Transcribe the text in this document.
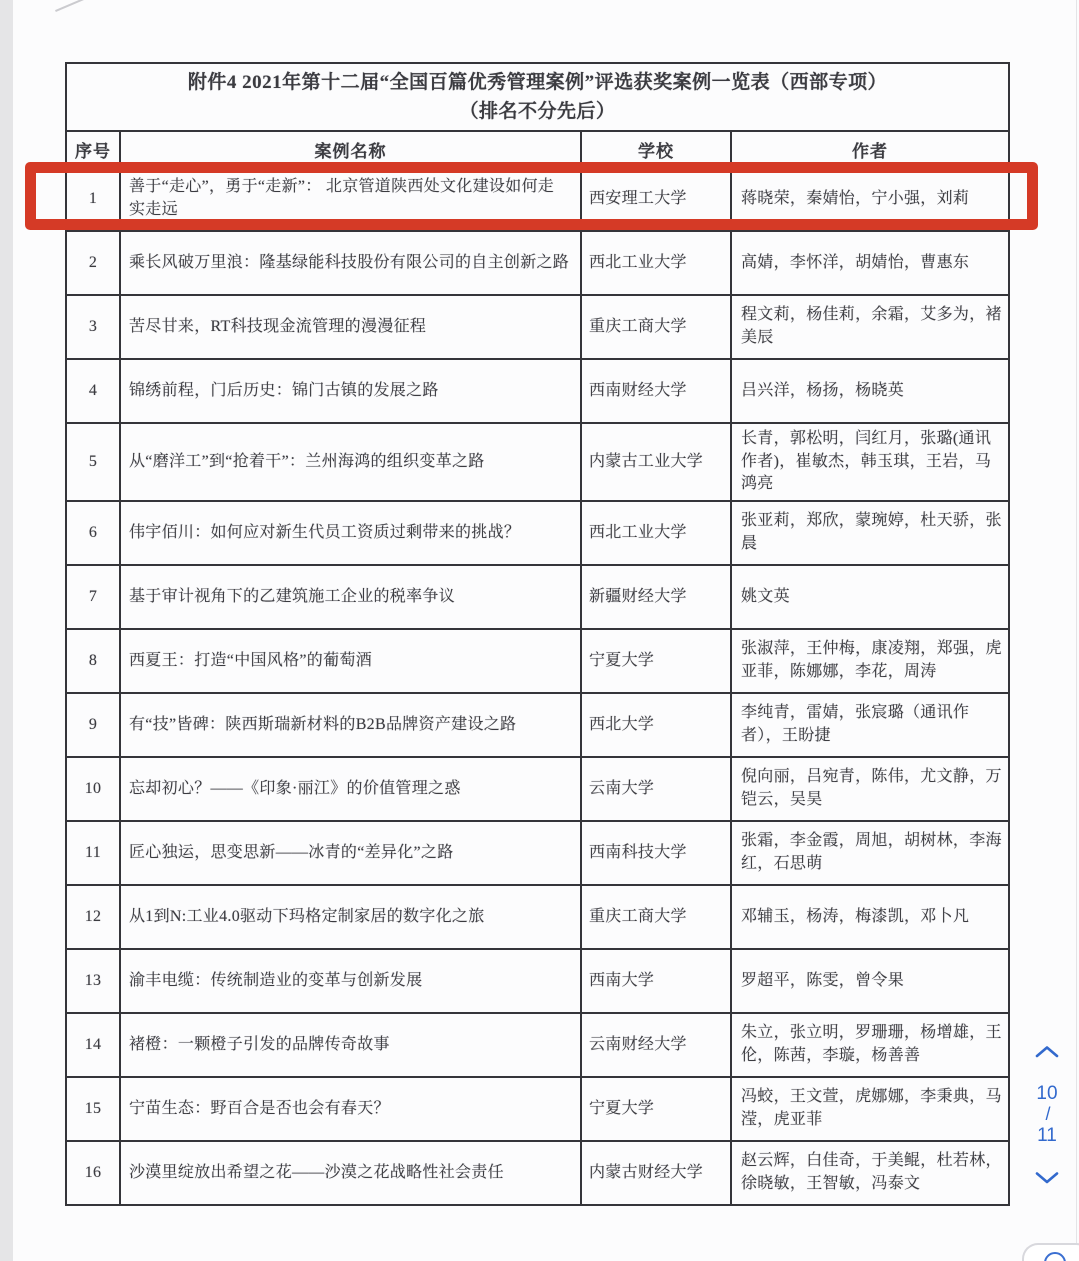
附件4 2021年第十二届“全国百篇优秀管理案例”评选获奖案例一览表（西部专项）
（排名不分先后）			

序号	案例名称	学校	作者
1	善于“走心”，勇于“走新”： 北京管道陕西处文化建设如何走实走远	西安理工大学	蒋晓荣，秦婧怡，宁小强，刘莉
2	乘长风破万里浪：隆基绿能科技股份有限公司的自主创新之路	西北工业大学	高婧，李怀洋，胡婧怡，曹惠东
3	苦尽甘来，RT科技现金流管理的漫漫征程	重庆工商大学	程文莉，杨佳莉，余霜，艾多为，褚美辰
4	锦绣前程，门后历史：锦门古镇的发展之路	西南财经大学	吕兴洋，杨扬，杨晓英
5	从“磨洋工”到“抢着干”：兰州海鸿的组织变革之路	内蒙古工业大学	长青，郭松明，闫红月，张璐(通讯作者)，崔敏杰，韩玉琪，王岩，马鸿亮
6	伟宇佰川：如何应对新生代员工资质过剩带来的挑战？	西北工业大学	张亚莉，郑欣，蒙琬婷，杜天骄，张晨
7	基于审计视角下的乙建筑施工企业的税率争议	新疆财经大学	姚文英
8	西夏王：打造“中国风格”的葡萄酒	宁夏大学	张淑萍，王仲梅，康凌翔，郑强，虎亚菲，陈娜娜，李花，周涛
9	有“技”皆碑：陕西斯瑞新材料的B2B品牌资产建设之路	西北大学	李纯青，雷婧，张宸璐（通讯作者），王盼捷
10	忘却初心？——《印象·丽江》的价值管理之惑	云南大学	倪向丽，吕宛青，陈伟，尤文静，万铠云，吴昊
11	匠心独运，思变思新——冰青的“差异化”之路	西南科技大学	张霜，李金霞，周旭，胡树林，李海红，石思萌
12	从1到N:工业4.0驱动下玛格定制家居的数字化之旅	重庆工商大学	邓辅玉，杨涛，梅漆凯，邓卜凡
13	渝丰电缆：传统制造业的变革与创新发展	西南大学	罗超平，陈雯，曾令果
14	褚橙：一颗橙子引发的品牌传奇故事	云南财经大学	朱立，张立明，罗珊珊，杨增雄，王伦，陈茜，李璇，杨善善
15	宁苗生态：野百合是否也会有春天？	宁夏大学	冯蛟，王文萱，虎娜娜，李秉典，马滢，虎亚菲
16	沙漠里绽放出希望之花——沙漠之花战略性社会责任	内蒙古财经大学	赵云辉，白佳奇，于美鲲，杜若林，徐晓敏，王智敏，冯泰文
10
/
11
